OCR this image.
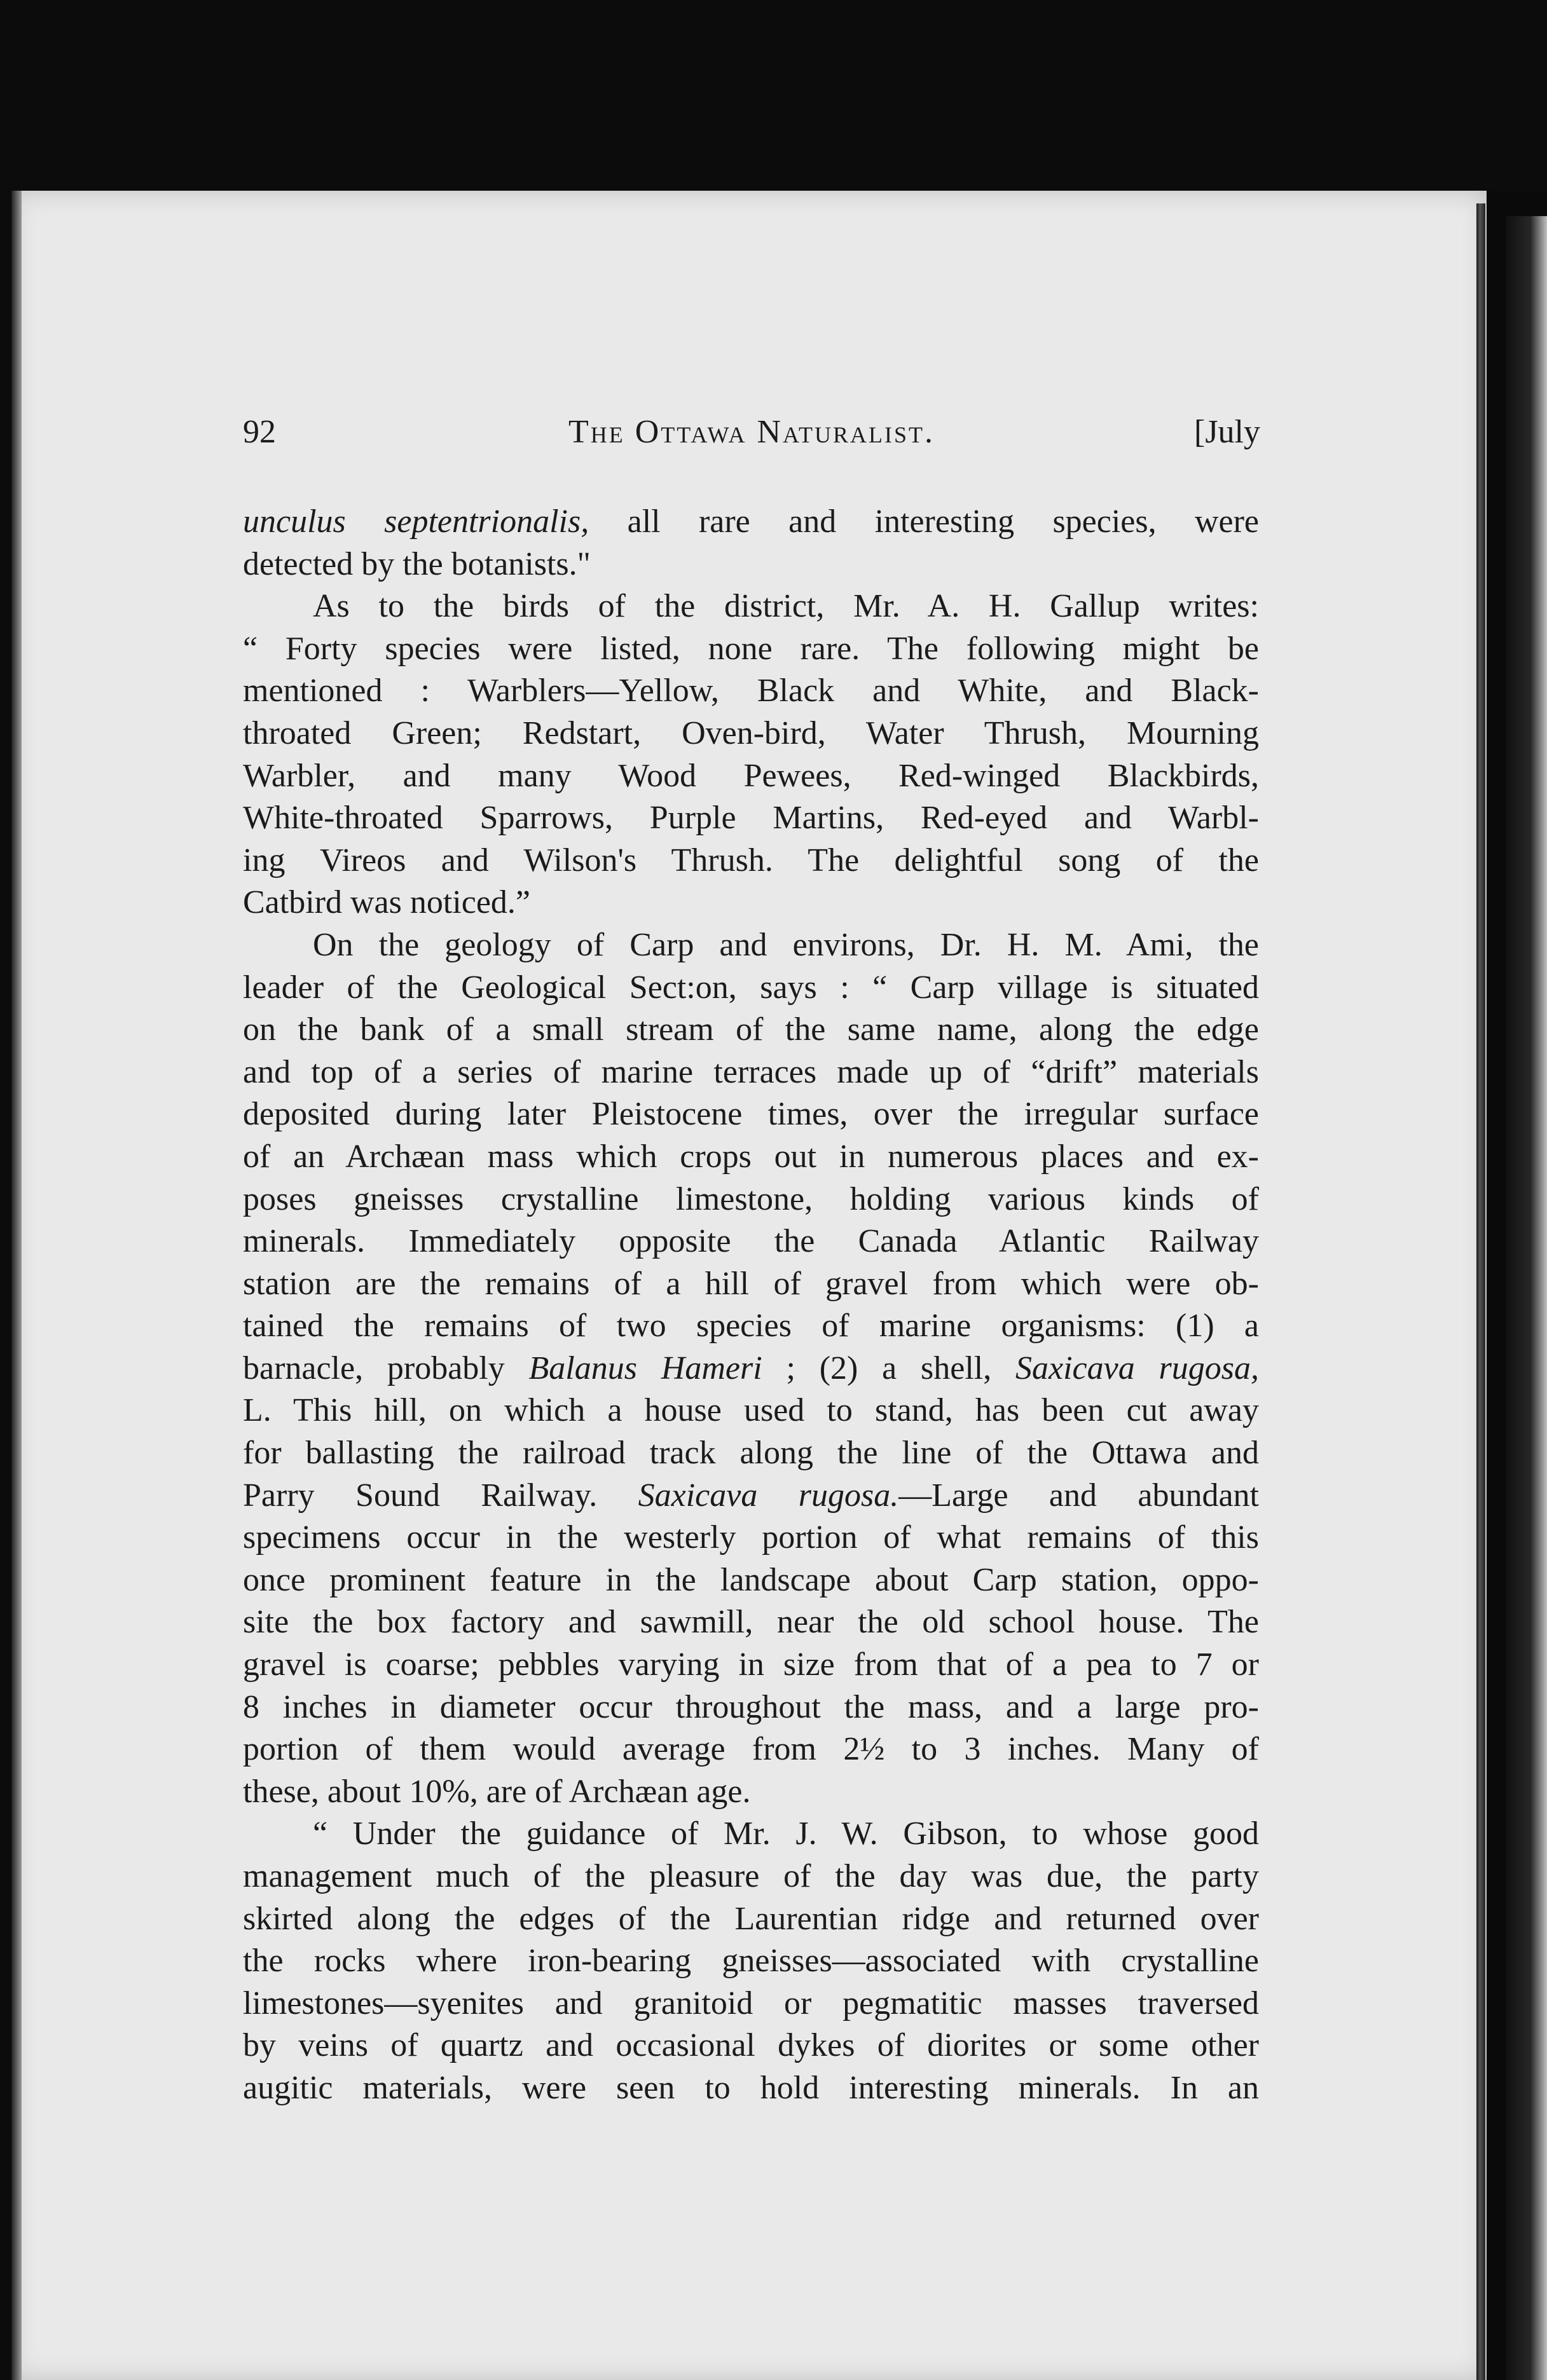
92	The Ottawa Naturalist.	[July
unculus septentrionalis, all rare and interesting species, were
detected by the botanists."
As to the birds of the district, Mr. A. H. Gallup writes:
“ Forty species were listed, none rare. The following might be
mentioned : Warblers—Yellow, Black and White, and Black-
throated Green; Redstart, Oven-bird, Water Thrush, Mourning
Warbler, and many Wood Pewees, Red-winged Blackbirds,
White-throated Sparrows, Purple Martins, Red-eyed and Warbl-
ing Vireos and Wilson's Thrush. The delightful song of the
Catbird was noticed.”
On the geology of Carp and environs, Dr. H. M. Ami, the
leader of the Geological Sect:on, says : “ Carp village is situated
on the bank of a small stream of the same name, along the edge
and top of a series of marine terraces made up of “drift” materials
deposited during later Pleistocene times, over the irregular surface
of an Archæan mass which crops out in numerous places and ex-
poses gneisses crystalline limestone, holding various kinds of
minerals. Immediately opposite the Canada Atlantic Railway
station are the remains of a hill of gravel from which were ob-
tained the remains of two species of marine organisms: (1) a
barnacle, probably Balanus Hameri ; (2) a shell, Saxicava rugosa,
L. This hill, on which a house used to stand, has been cut away
for ballasting the railroad track along the line of the Ottawa and
Parry Sound Railway. Saxicava rugosa.—Large and abundant
specimens occur in the westerly portion of what remains of this
once prominent feature in the landscape about Carp station, oppo-
site the box factory and sawmill, near the old school house. The
gravel is coarse; pebbles varying in size from that of a pea to 7 or
8 inches in diameter occur throughout the mass, and a large pro-
portion of them would average from 2½ to 3 inches. Many of
these, about 10%, are of Archæan age.
“ Under the guidance of Mr. J. W. Gibson, to whose good
management much of the pleasure of the day was due, the party
skirted along the edges of the Laurentian ridge and returned over
the rocks where iron-bearing gneisses—associated with crystalline
limestones—syenites and granitoid or pegmatitic masses traversed
by veins of quartz and occasional dykes of diorites or some other
augitic materials, were seen to hold interesting minerals. In an
